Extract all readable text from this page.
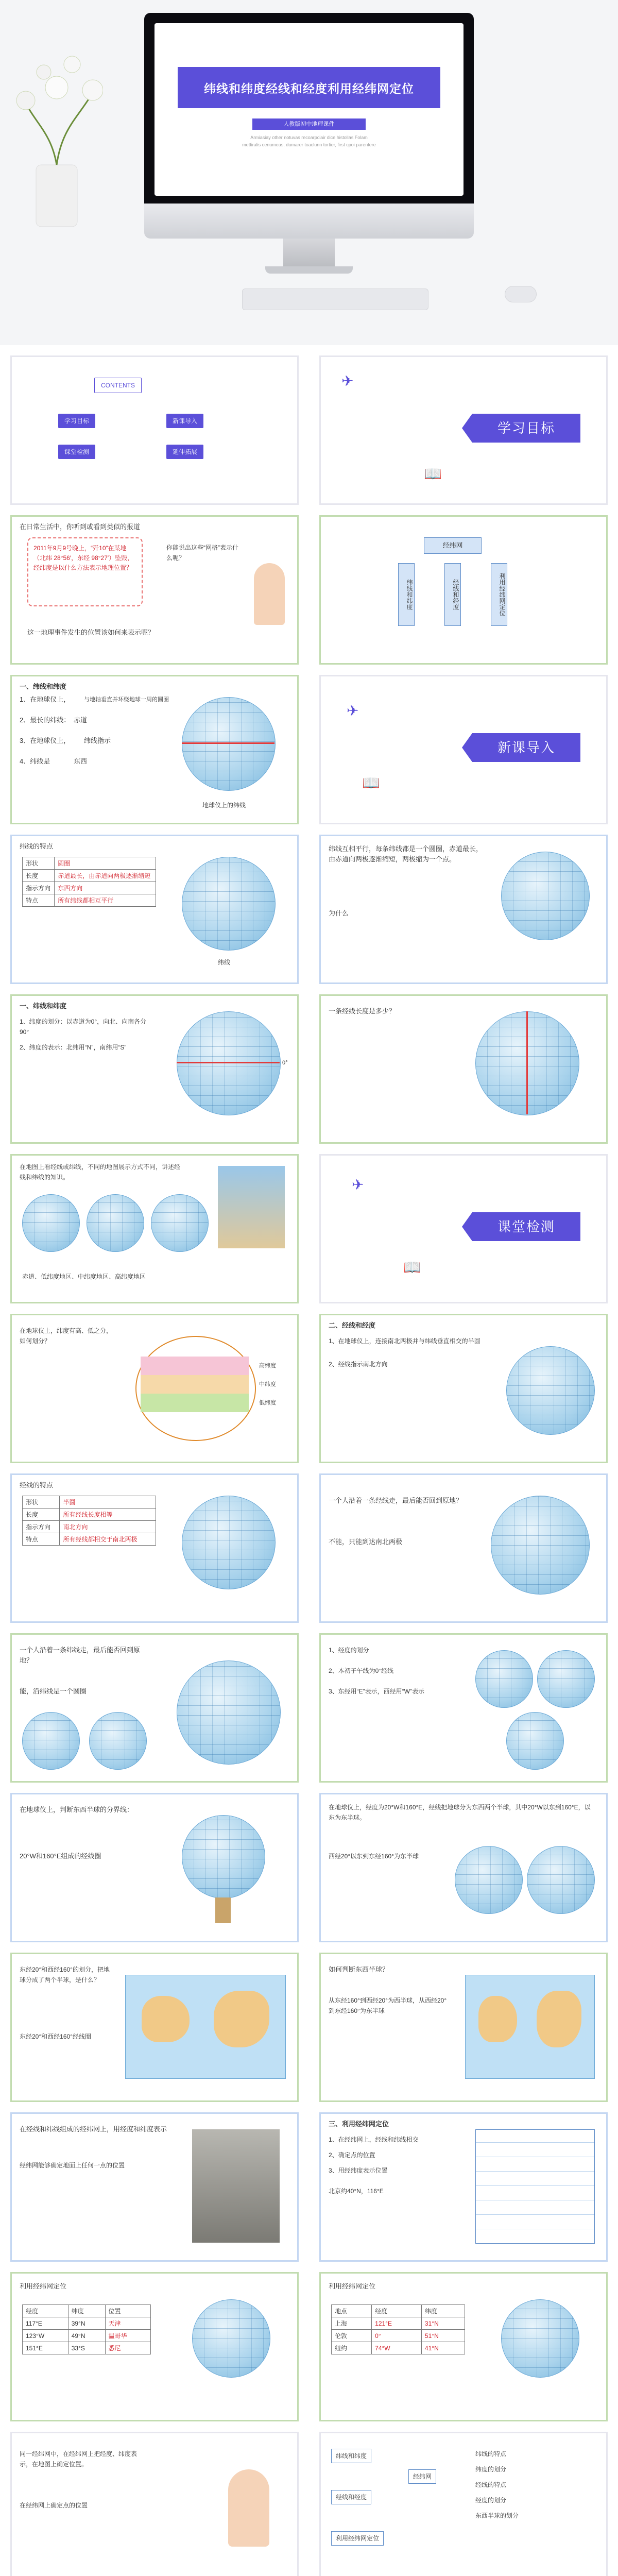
纬线和纬度经线和经度利用经纬网定位
人教版初中地理课件
Armiasiay other notuvas recoarpciair dice histollas Folam mettiralis cenumeas, dumarer toaclunn tortier, first cpoi parentere
CONTENTS
学习目标	新课导入
课堂检测	延伸拓展
✈
学习目标
📖
在日常生活中，你听到或看到类似的报道
2011年9月9号晚上，“歼10”在某地（北纬 28°56′，东经 98°27′）坠毁，经纬度是以什么方法表示地理位置？
你能说出这些“网格”表示什么呢？
这一地理事件发生的位置该如何来表示呢？
经纬网
纬线和纬度	经线和经度	利用经纬网定位
一、纬线和纬度
1、在地球仪上， 与地轴垂直并环绕地球一周的圆圈
2、最长的纬线： 赤道
3、在地球仪上， 纬线指示
4、纬线是	东西
地球仪上的纬线
✈
新课导入
📖
纬线的特点
形状	圆圈
长度	赤道最长，由赤道向两极逐渐缩短
指示方向	东西方向
特点	所有纬线都相互平行
纬线
纬线互相平行，每条纬线都是一个圆圈，赤道最长，由赤道向两极逐渐缩短，两极缩为一个点。
为什么
一、纬线和纬度
1、纬度的划分：以赤道为0°，向北、向南各分90°
2、纬度的表示：北纬用“N”，南纬用“S”
0°
一条经线长度是多少？
在地图上看经线或纬线，不同的地图展示方式不同，讲述经线和纬线的知识。
赤道、低纬度地区、中纬度地区、高纬度地区
✈
课堂检测
📖
在地球仪上，纬度有高、低之分，如何划分？
高纬度
中纬度
低纬度
二、经线和经度
1、在地球仪上，连接南北两极并与纬线垂直相交的半圆
2、经线指示南北方向
经线的特点
形状	半圆
长度	所有经线长度相等
指示方向	南北方向
特点	所有经线都相交于南北两极
一个人沿着一条经线走，最后能否回到原地？
不能，只能到达南北两极
一个人沿着一条纬线走，最后能否回到原地？
能，沿纬线是一个圆圈
1、经度的划分
2、本初子午线为0°经线
3、东经用“E”表示，西经用“W”表示
在地球仪上，判断东西半球的分界线：
20°W和160°E组成的经线圈
在地球仪上，经度为20°W和160°E，经线把地球分为东西两个半球，其中20°W以东到160°E，以东为东半球。
西经20°以东到东经160°为东半球
东经20°和西经160°的划分，把地球分成了两个半球，是什么？
东经20°和西经160°经线圈
如何判断东西半球？
从东经160°到西经20°为西半球，从西经20°到东经160°为东半球
在经线和纬线组成的经纬网上，用经度和纬度表示
经纬网能够确定地面上任何一点的位置
三、利用经纬网定位
1、在经纬网上，经线和纬线相交
2、确定点的位置
3、用经纬度表示位置
北京约40°N，116°E
利用经纬网定位
经度	纬度	位置
117°E	39°N	天津
123°W	49°N	温哥华
151°E	33°S	悉尼
利用经纬网定位
地点	经度	纬度
上海	121°E	31°N
伦敦	0°	51°N
纽约	74°W	41°N
同一经纬网中，在经纬网上把经度、纬度表示，在地图上确定位置。
在经纬网上确定点的位置
纬线和纬度
经线和经度
经纬网
利用经纬网定位
纬线的特点
纬度的划分
经线的特点
经度的划分
东西半球的划分
